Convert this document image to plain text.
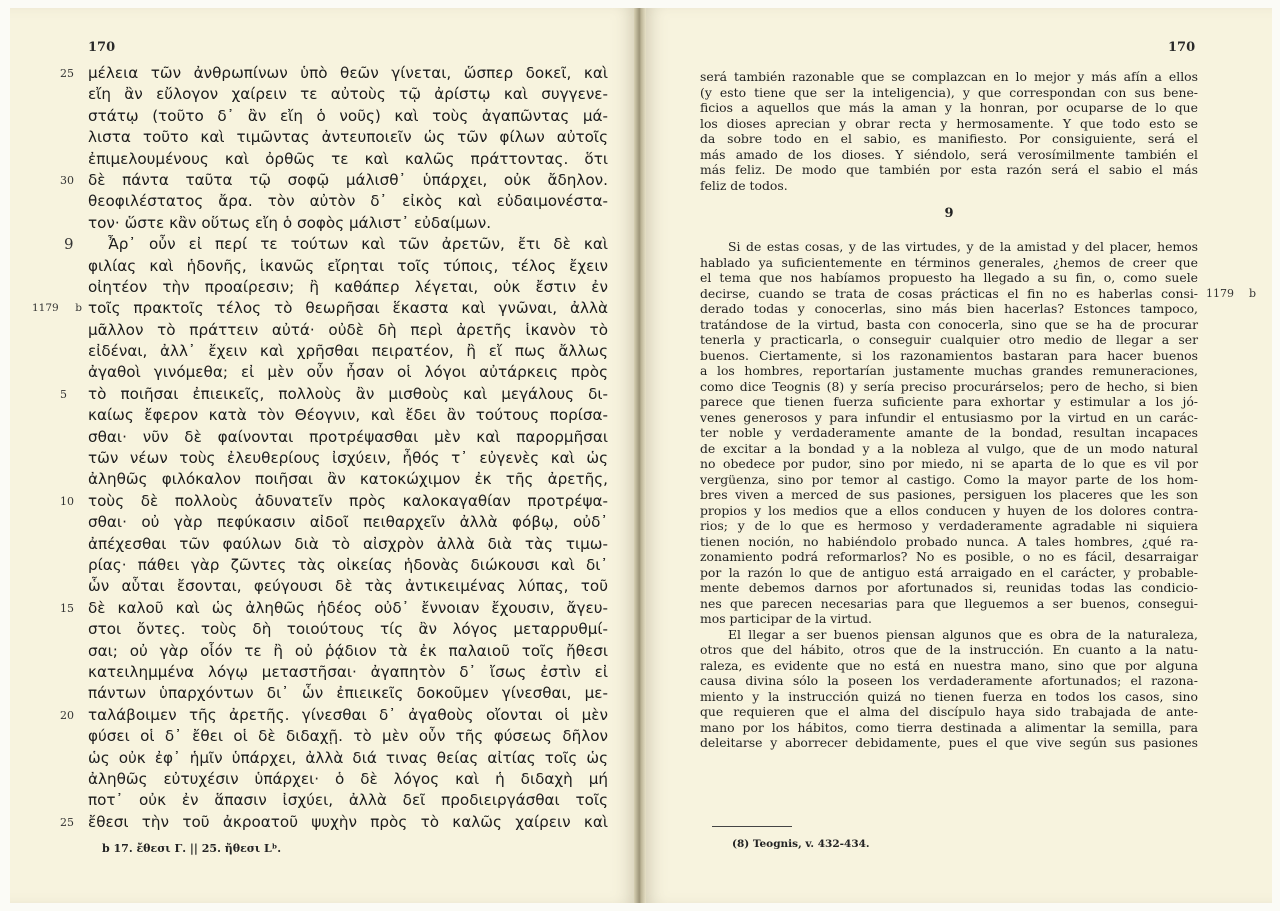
170	170
25 μέλεια τῶν ἀνθρωπίνων ὑπὸ θεῶν γίνεται, ὥσπερ δοκεῖ, καὶ
εἴη ἂν εὔλογον χαίρειν τε αὐτοὺς τῷ ἀρίστῳ καὶ συγγενε-
στάτῳ (τοῦτο δ᾽ ἂν εἴη ὁ νοῦς) καὶ τοὺς ἀγαπῶντας μά-
λιστα τοῦτο καὶ τιμῶντας ἀντευποιεῖν ὡς τῶν φίλων αὐτοῖς
ἐπιμελουμένους καὶ ὀρθῶς τε καὶ καλῶς πράττοντας. ὅτι
30 δὲ πάντα ταῦτα τῷ σοφῷ μάλισθ᾽ ὑπάρχει, οὐκ ἄδηλον.
θεοφιλέστατος ἄρα. τὸν αὐτὸν δ᾽ εἰκὸς καὶ εὐδαιμονέστα-
τον· ὥστε κἂν οὕτως εἴη ὁ σοφὸς μάλιστ᾽ εὐδαίμων.
9	Ἆρ᾽ οὖν εἰ περί τε τούτων καὶ τῶν ἀρετῶν, ἔτι δὲ καὶ
φιλίας καὶ ἡδονῆς, ἱκανῶς εἴρηται τοῖς τύποις, τέλος ἔχειν
οἰητέον τὴν προαίρεσιν; ἢ καθάπερ λέγεται, οὐκ ἔστιν ἐν
1179 b τοῖς πρακτοῖς τέλος τὸ θεωρῆσαι ἕκαστα καὶ γνῶναι, ἀλλὰ
μᾶλλον τὸ πράττειν αὐτά· οὐδὲ δὴ περὶ ἀρετῆς ἱκανὸν τὸ
εἰδέναι, ἀλλ᾽ ἔχειν καὶ χρῆσθαι πειρατέον, ἢ εἴ πως ἄλλως
ἀγαθοὶ γινόμεθα; εἰ μὲν οὖν ἦσαν οἱ λόγοι αὐτάρκεις πρὸς
5	τὸ ποιῆσαι ἐπιεικεῖς, πολλοὺς ἂν μισθοὺς καὶ μεγάλους δι-
καίως ἔφερον κατὰ τὸν Θέογνιν, καὶ ἔδει ἂν τούτους πορίσα-
σθαι· νῦν δὲ φαίνονται προτρέψασθαι μὲν καὶ παρορμῆσαι
τῶν νέων τοὺς ἐλευθερίους ἰσχύειν, ἦθός τ᾽ εὐγενὲς καὶ ὡς
ἀληθῶς φιλόκαλον ποιῆσαι ἂν κατοκώχιμον ἐκ τῆς ἀρετῆς,
10 τοὺς δὲ πολλοὺς ἀδυνατεῖν πρὸς καλοκαγαθίαν προτρέψα-
σθαι· οὐ γὰρ πεφύκασιν αἰδοῖ πειθαρχεῖν ἀλλὰ φόβῳ, οὐδ᾽
ἀπέχεσθαι τῶν φαύλων διὰ τὸ αἰσχρὸν ἀλλὰ διὰ τὰς τιμω-
ρίας· πάθει γὰρ ζῶντες τὰς οἰκείας ἡδονὰς διώκουσι καὶ δι᾽
ὧν αὗται ἔσονται, φεύγουσι δὲ τὰς ἀντικειμένας λύπας, τοῦ
15 δὲ καλοῦ καὶ ὡς ἀληθῶς ἡδέος οὐδ᾽ ἔννοιαν ἔχουσιν, ἄγευ-
στοι ὄντες. τοὺς δὴ τοιούτους τίς ἂν λόγος μεταρρυθμί-
σαι; οὐ γὰρ οἷόν τε ἢ οὐ ῥᾴδιον τὰ ἐκ παλαιοῦ τοῖς ἤθεσι
κατειλημμένα λόγῳ μεταστῆσαι· ἀγαπητὸν δ᾽ ἴσως ἐστὶν εἰ
πάντων ὑπαρχόντων δι᾽ ὧν ἐπιεικεῖς δοκοῦμεν γίνεσθαι, με-
20 ταλάβοιμεν τῆς ἀρετῆς. γίνεσθαι δ᾽ ἀγαθοὺς οἴονται οἱ μὲν
φύσει οἱ δ᾽ ἔθει οἱ δὲ διδαχῇ. τὸ μὲν οὖν τῆς φύσεως δῆλον
ὡς οὐκ ἐφ᾽ ἡμῖν ὑπάρχει, ἀλλὰ διά τινας θείας αἰτίας τοῖς ὡς
ἀληθῶς εὐτυχέσιν ὑπάρχει· ὁ δὲ λόγος καὶ ἡ διδαχὴ μή
ποτ᾽ οὐκ ἐν ἅπασιν ἰσχύει, ἀλλὰ δεῖ προδιειργάσθαι τοῖς
25 ἔθεσι τὴν τοῦ ἀκροατοῦ ψυχὴν πρὸς τὸ καλῶς χαίρειν καὶ
b 17. ἔθεσι Γ. || 25. ἤθεσι Lᵇ.
será también razonable que se complazcan en lo mejor y más afín a ellos
(y esto tiene que ser la inteligencia), y que correspondan con sus bene-
ficios a aquellos que más la aman y la honran, por ocuparse de lo que
los dioses aprecian y obrar recta y hermosamente. Y que todo esto se
da sobre todo en el sabio, es manifiesto. Por consiguiente, será el
más amado de los dioses. Y siéndolo, será verosímilmente también el
más feliz. De modo que también por esta razón será el sabio el más
feliz de todos.
9
Si de estas cosas, y de las virtudes, y de la amistad y del placer, hemos
hablado ya suficientemente en términos generales, ¿hemos de creer que
el tema que nos habíamos propuesto ha llegado a su fin, o, como suele
decirse, cuando se trata de cosas prácticas el fin no es haberlas consi- 1179 b
derado todas y conocerlas, sino más bien hacerlas? Estonces tampoco,
tratándose de la virtud, basta con conocerla, sino que se ha de procurar
tenerla y practicarla, o conseguir cualquier otro medio de llegar a ser
buenos. Ciertamente, si los razonamientos bastaran para hacer buenos
a los hombres, reportarían justamente muchas grandes remuneraciones,
como dice Teognis (8) y sería preciso procurárselos; pero de hecho, si bien
parece que tienen fuerza suficiente para exhortar y estimular a los jó-
venes generosos y para infundir el entusiasmo por la virtud en un carác-
ter noble y verdaderamente amante de la bondad, resultan incapaces
de excitar a la bondad y a la nobleza al vulgo, que de un modo natural
no obedece por pudor, sino por miedo, ni se aparta de lo que es vil por
vergüenza, sino por temor al castigo. Como la mayor parte de los hom-
bres viven a merced de sus pasiones, persiguen los placeres que les son
propios y los medios que a ellos conducen y huyen de los dolores contra-
rios; y de lo que es hermoso y verdaderamente agradable ni siquiera
tienen noción, no habiéndolo probado nunca. A tales hombres, ¿qué ra-
zonamiento podrá reformarlos? No es posible, o no es fácil, desarraigar
por la razón lo que de antiguo está arraigado en el carácter, y probable-
mente debemos darnos por afortunados si, reunidas todas las condicio-
nes que parecen necesarias para que lleguemos a ser buenos, consegui-
mos participar de la virtud.
El llegar a ser buenos piensan algunos que es obra de la naturaleza,
otros que del hábito, otros que de la instrucción. En cuanto a la natu-
raleza, es evidente que no está en nuestra mano, sino que por alguna
causa divina sólo la poseen los verdaderamente afortunados; el razona-
miento y la instrucción quizá no tienen fuerza en todos los casos, sino
que requieren que el alma del discípulo haya sido trabajada de ante-
mano por los hábitos, como tierra destinada a alimentar la semilla, para
deleitarse y aborrecer debidamente, pues el que vive según sus pasiones
(8) Teognis, v. 432-434.
